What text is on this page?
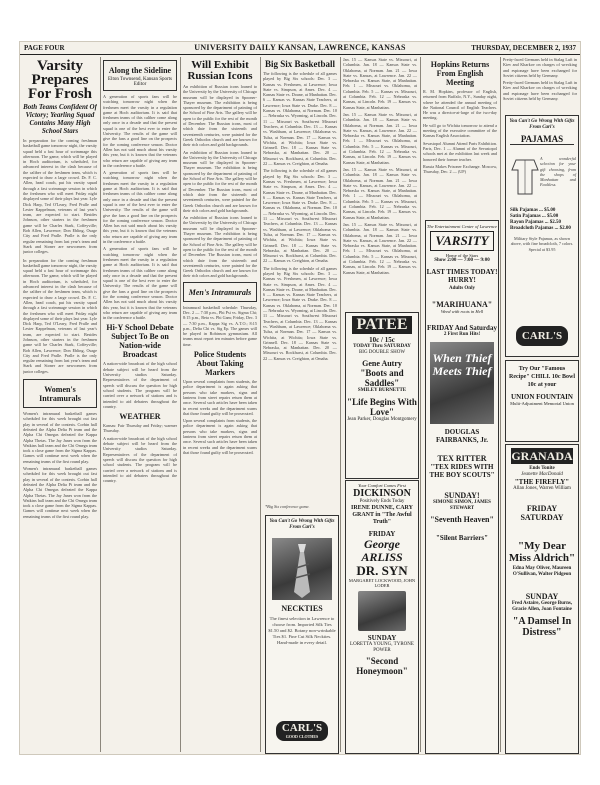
PAGE FOUR	UNIVERSITY DAILY KANSAN, LAWRENCE, KANSAS	THURSDAY, DECEMBER 2, 1937
Varsity Prepares For Frosh
Both Teams Confident Of Victory; Yearling Squad Contains Many High School Stars

In preparation for the coming freshman basketball game tomorrow night, the varsity squad held a fast hour of scrimmage this afternoon. The game, which will be played in Hoch auditorium, is scheduled, for advanced interest in the clash because of the caliber of the freshmen team, which is expected to draw a large crowd. Dr. F. C. Allen, head coach, put his varsity squad through a fast scrimmage session in which the freshmen who will meet Friday night displayed some of their plays last year. Lyle Dick Harp, Ted O'Leary, Fred Pralle and Lester Kappelman, veterans of last year's team, are expected to start. Besides Johnson, other starters in the freshmen game will be Charles Stark, Coffeyville; Bob Allen, Lawrence; Don Ebling, Osage City and Fred Pralle. Pralle is the only regular remaining from last year's team and Stark and Stoner are newcomers from junior colleges.

In preparation for the coming freshman basketball game tomorrow night, the varsity squad held a fast hour of scrimmage this afternoon. The game, which will be played in Hoch auditorium, is scheduled, for advanced interest in the clash because of the caliber of the freshmen team, which is expected to draw a large crowd. Dr. F. C. Allen, head coach, put his varsity squad through a fast scrimmage session in which the freshmen who will meet Friday night displayed some of their plays last year. Lyle Dick Harp, Ted O'Leary, Fred Pralle and Lester Kappelman, veterans of last year's team, are expected to start. Besides Johnson, other starters in the freshmen game will be Charles Stark, Coffeyville; Bob Allen, Lawrence; Don Ebling, Osage City and Fred Pralle. Pralle is the only regular remaining from last year's team and Stark and Stoner are newcomers from junior colleges.

Women's Intramurals

Women's intramural basketball games scheduled for this week brought out fast play in several of the contests. Corbin hall defeated the Alpha Delta Pi team and the Alpha Chi Omegas defeated the Kappa Alpha Thetas. The Jay Janes won from the Watkins hall team and the Chi Omega team took a close game from the Sigma Kappas. Games will continue next week when the remaining teams of the first round play.

Women's intramural basketball games scheduled for this week brought out fast play in several of the contests. Corbin hall defeated the Alpha Delta Pi team and the Alpha Chi Omegas defeated the Kappa Alpha Thetas. The Jay Janes won from the Watkins hall team and the Chi Omega team took a close game from the Sigma Kappas. Games will continue next week when the remaining teams of the first round play.

Along the Sideline
Elton Townsend, Kansan Sports Editor

A generation of sports fans will be watching tomorrow night when the freshmen meet the varsity in a regulation game at Hoch auditorium. It is said that freshmen teams of this caliber come along only once in a decade and that the present squad is one of the best ever to enter the University. The results of the game will give the fans a good line on the prospects for the coming conference season. Doctor Allen has not said much about his varsity this year, but it is known that the veterans who return are capable of giving any team in the conference a battle.

A generation of sports fans will be watching tomorrow night when the freshmen meet the varsity in a regulation game at Hoch auditorium. It is said that freshmen teams of this caliber come along only once in a decade and that the present squad is one of the best ever to enter the University. The results of the game will give the fans a good line on the prospects for the coming conference season. Doctor Allen has not said much about his varsity this year, but it is known that the veterans who return are capable of giving any team in the conference a battle.

A generation of sports fans will be watching tomorrow night when the freshmen meet the varsity in a regulation game at Hoch auditorium. It is said that freshmen teams of this caliber come along only once in a decade and that the present squad is one of the best ever to enter the University. The results of the game will give the fans a good line on the prospects for the coming conference season. Doctor Allen has not said much about his varsity this year, but it is known that the veterans who return are capable of giving any team in the conference a battle.

Hi-Y School Debate Subject To Be on Nation-wide Broadcast

A nation-wide broadcast of the high school debate subject will be heard from the University studios Saturday. Representatives of the department of speech will discuss the question for high school students. The program will be carried over a network of stations and is intended to aid debaters throughout the country.

WEATHER

Kansas: Fair Thursday and Friday; warmer Thursday.

A nation-wide broadcast of the high school debate subject will be heard from the University studios Saturday. Representatives of the department of speech will discuss the question for high school students. The program will be carried over a network of stations and is intended to aid debaters throughout the country.

Will Exhibit Russian Icons

An exhibition of Russian icons loaned to the University by the University of Chicago museum will be displayed in Spooner-Thayer museum. The exhibition is being sponsored by the department of painting of the School of Fine Arts. The gallery will be open to the public for the rest of the month of December. The Russian icons, most of which date from the sixteenth and seventeenth centuries, were painted for the Greek Orthodox church and are known for their rich colors and gold backgrounds.

An exhibition of Russian icons loaned to the University by the University of Chicago museum will be displayed in Spooner-Thayer museum. The exhibition is being sponsored by the department of painting of the School of Fine Arts. The gallery will be open to the public for the rest of the month of December. The Russian icons, most of which date from the sixteenth and seventeenth centuries, were painted for the Greek Orthodox church and are known for their rich colors and gold backgrounds.

An exhibition of Russian icons loaned to the University by the University of Chicago museum will be displayed in Spooner-Thayer museum. The exhibition is being sponsored by the department of painting of the School of Fine Arts. The gallery will be open to the public for the rest of the month of December. The Russian icons, most of which date from the sixteenth and seventeenth centuries, were painted for the Greek Orthodox church and are known for their rich colors and gold backgrounds.

Men's Intramurals

Intramural basketball schedule: Thursday, Dec. 2 — 7:30 p.m., Phi Psi vs. Sigma Chi; 8:15 p.m., Beta vs. Phi Gam; Friday, Dec. 3 — 7:30 p.m., Kappa Sig vs. A.T.O.; 8:15 p.m., Delta Chi vs. Sig Ep. The games will be played in Robinson gymnasium. All teams must report ten minutes before game time.

Police Students About Taking Markers

Upon several complaints from students, the police department is again asking that persons who take markers, signs and lanterns from street repairs return them at once. Several such articles have been taken in recent weeks and the department warns that those found guilty will be prosecuted.

Upon several complaints from students, the police department is again asking that persons who take markers, signs and lanterns from street repairs return them at once. Several such articles have been taken in recent weeks and the department warns that those found guilty will be prosecuted.

Big Six Basketball

The following is the schedule of all games played by Big Six schools: Dec. 3 — Kansas vs. Freshmen, at Lawrence; Iowa State vs. Simpson, at Ames. Dec. 4 — Kansas State vs. Doane, at Manhattan. Dec. 6 — Kansas vs. Kansas State Teachers, at Lawrence; Iowa State vs. Drake. Dec. 8 — Kansas vs. Oklahoma, at Norman. Dec. 10 — Nebraska vs. Wyoming, at Lincoln. Dec. 11 — Missouri vs. Southwest Missouri Teachers, at Columbia. Dec. 13 — Kansas vs. Washburn, at Lawrence; Oklahoma vs. Tulsa, at Norman. Dec. 17 — Kansas vs. Wichita, at Wichita; Iowa State vs. Grinnell. Dec. 18 — Kansas State vs. Nebraska, at Manhattan. Dec. 20 — Missouri vs. Rockhurst, at Columbia. Dec. 22 — Kansas vs. Creighton, at Omaha.

The following is the schedule of all games played by Big Six schools: Dec. 3 — Kansas vs. Freshmen, at Lawrence; Iowa State vs. Simpson, at Ames. Dec. 4 — Kansas State vs. Doane, at Manhattan. Dec. 6 — Kansas vs. Kansas State Teachers, at Lawrence; Iowa State vs. Drake. Dec. 8 — Kansas vs. Oklahoma, at Norman. Dec. 10 — Nebraska vs. Wyoming, at Lincoln. Dec. 11 — Missouri vs. Southwest Missouri Teachers, at Columbia. Dec. 13 — Kansas vs. Washburn, at Lawrence; Oklahoma vs. Tulsa, at Norman. Dec. 17 — Kansas vs. Wichita, at Wichita; Iowa State vs. Grinnell. Dec. 18 — Kansas State vs. Nebraska, at Manhattan. Dec. 20 — Missouri vs. Rockhurst, at Columbia. Dec. 22 — Kansas vs. Creighton, at Omaha.

The following is the schedule of all games played by Big Six schools: Dec. 3 — Kansas vs. Freshmen, at Lawrence; Iowa State vs. Simpson, at Ames. Dec. 4 — Kansas State vs. Doane, at Manhattan. Dec. 6 — Kansas vs. Kansas State Teachers, at Lawrence; Iowa State vs. Drake. Dec. 8 — Kansas vs. Oklahoma, at Norman. Dec. 10 — Nebraska vs. Wyoming, at Lincoln. Dec. 11 — Missouri vs. Southwest Missouri Teachers, at Columbia. Dec. 13 — Kansas vs. Washburn, at Lawrence; Oklahoma vs. Tulsa, at Norman. Dec. 17 — Kansas vs. Wichita, at Wichita; Iowa State vs. Grinnell. Dec. 18 — Kansas State vs. Nebraska, at Manhattan. Dec. 20 — Missouri vs. Rockhurst, at Columbia. Dec. 22 — Kansas vs. Creighton, at Omaha.

You Can't Go Wrong With Gifts From Carl's
NECKTIES
The finest selection in Lawrence to choose from. Imported Silk Ties $1.50 and $2. Botany non-wrinkable Ties $1. Fine Cut Silk Neckties. Hand-made in every detail.
CARL'S
GOOD CLOTHES

Jan. 15 — Kansas State vs. Missouri, at Columbia. Jan. 18 — Kansas State vs. Oklahoma, at Norman. Jan. 21 — Iowa State vs. Kansas, at Lawrence. Jan. 22 — Nebraska vs. Kansas State, at Manhattan. Feb. 1 — Missouri vs. Oklahoma, at Columbia. Feb. 5 — Kansas vs. Missouri, at Columbia. Feb. 12 — Nebraska vs. Kansas, at Lincoln. Feb. 19 — Kansas vs. Kansas State, at Manhattan.

Jan. 15 — Kansas State vs. Missouri, at Columbia. Jan. 18 — Kansas State vs. Oklahoma, at Norman. Jan. 21 — Iowa State vs. Kansas, at Lawrence. Jan. 22 — Nebraska vs. Kansas State, at Manhattan. Feb. 1 — Missouri vs. Oklahoma, at Columbia. Feb. 5 — Kansas vs. Missouri, at Columbia. Feb. 12 — Nebraska vs. Kansas, at Lincoln. Feb. 19 — Kansas vs. Kansas State, at Manhattan.

Jan. 15 — Kansas State vs. Missouri, at Columbia. Jan. 18 — Kansas State vs. Oklahoma, at Norman. Jan. 21 — Iowa State vs. Kansas, at Lawrence. Jan. 22 — Nebraska vs. Kansas State, at Manhattan. Feb. 1 — Missouri vs. Oklahoma, at Columbia. Feb. 5 — Kansas vs. Missouri, at Columbia. Feb. 12 — Nebraska vs. Kansas, at Lincoln. Feb. 19 — Kansas vs. Kansas State, at Manhattan.

Jan. 15 — Kansas State vs. Missouri, at Columbia. Jan. 18 — Kansas State vs. Oklahoma, at Norman. Jan. 21 — Iowa State vs. Kansas, at Lawrence. Jan. 22 — Nebraska vs. Kansas State, at Manhattan. Feb. 1 — Missouri vs. Oklahoma, at Columbia. Feb. 5 — Kansas vs. Missouri, at Columbia. Feb. 12 — Nebraska vs. Kansas, at Lincoln. Feb. 19 — Kansas vs. Kansas State, at Manhattan.

PATEE
10c / 15c
TODAY Thru SATURDAY
BIG DOUBLE SHOW
Gene Autry
"Boots and Saddles"
SMILEY BURNETTE
"Life Begins With Love"
Jean Parker, Douglas Montgomery
Your Comfort Comes First
DICKINSON
Positively Ends Today
IRENE DUNNE, CARY GRANT in "The Awful Truth"
FRIDAY
George ARLISS
DR. SYN
MARGARET LOCKWOOD, JOHN LODER
SUNDAY
LORETTA YOUNG, TYRONE POWER
"Second Honeymoon"
Hopkins Returns From English Meeting

R. M. Hopkins, professor of English, returned from Buffalo, N.Y., Sunday night, where he attended the annual meeting of the National Council of English Teachers. He was a director-at-large of the two-day meeting.

He will go to Wichita tomorrow to attend a meeting of the executive committee of the Kansas English Association.

Sevastopol Alumni Attend Paris Exhibition. Paris, Dec. 1 — Alumni of the Sevastopol schools met at the exhibition last week and honored their former teacher.

Russia Makes Prisoner Exchange. Moscow, Thursday, Dec. 2 — (UP)

The Entertainment Center of Lawrence
VARSITY
Home of the Stars
Show 2:00 — 7:00 — 9:00
LAST TIMES TODAY! HURRY!
Adults Only
"MARIHUANA"
Weed with roots in Hell
FRIDAY And Saturday
2 First Run Hits!
When Thief Meets Thief
DOUGLAS FAIRBANKS, Jr.
TEX RITTER
"TEX RIDES WITH THE BOY SCOUTS"
SUNDAY!
SIMONE SIMON, JAMES STEWART
"Seventh Heaven"
"Silent Barriers"

Pretty-faced Germans held in Stalag Luft in Kiev and Kharkov on charges of wrecking and espionage have been exchanged for Soviet citizens held by Germany.

Pretty-faced Germans held in Stalag Luft in Kiev and Kharkov on charges of wrecking and espionage have been exchanged for Soviet citizens held by Germany.

You Can't Go Wrong With Gifts From Carl's
PAJAMAS
A wonderful selection for your gift choosing, from the shops of Manhattan and Faultless.
Silk Pajamas ... $5.00
Satin Pajamas ... $5.00
Rayon Pajamas ... $2.50
Broadcloth Pajamas ... $2.00
Military Style Pajamas, as shown above, with fine broadcloth, 7 colors. Special at $3.95
CARL'S
Try Our "Famous Recipe" CHILI. 10c Bowl 10c at your
UNION FOUNTAIN
Multi-Adjustment Memorial Union
GRANADA
Ends Tonite
Jeanette MacDonald
"THE FIREFLY"
Allan Jones, Warren William
FRIDAY SATURDAY
"My Dear Miss Aldrich"
Edna May Oliver, Maureen O'Sullivan, Walter Pidgeon
SUNDAY
Fred Astaire, George Burns, Gracie Allen, Joan Fontaine
"A Damsel In Distress"
*Big Six conference game.
